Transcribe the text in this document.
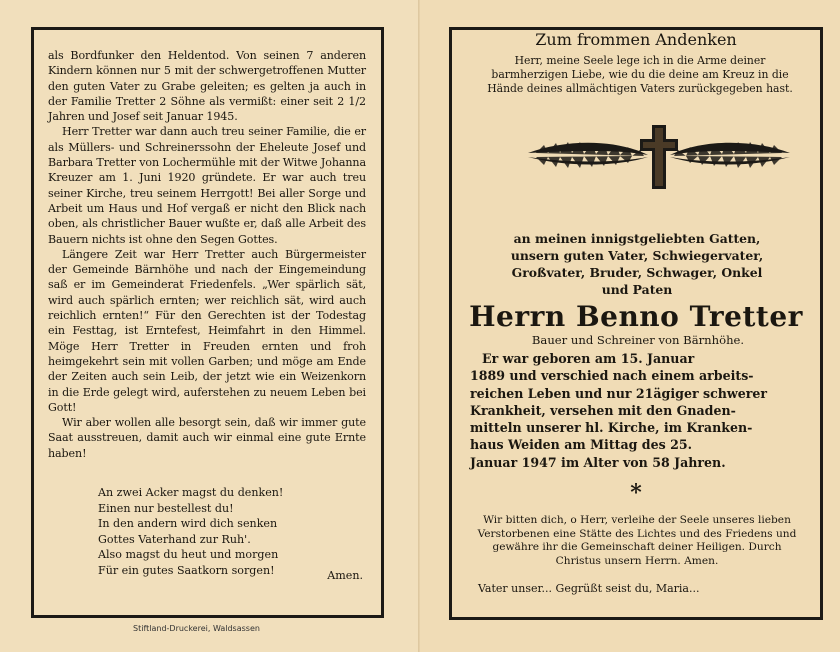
als Bordfunker den Heldentod. Von seinen 7 anderen Kindern können nur 5 mit der schwergetroffenen Mutter den guten Vater zu Grabe geleiten; es gelten ja auch in der Familie Tretter 2 Söhne als vermißt: einer seit 2 1/2 Jahren und Josef seit Januar 1945.

Herr Tretter war dann auch treu seiner Familie, die er als Müllers- und Schreinerssohn der Eheleute Josef und Barbara Tretter von Lochermühle mit der Witwe Johanna Kreuzer am 1. Juni 1920 gründete. Er war auch treu seiner Kirche, treu seinem Herrgott! Bei aller Sorge und Arbeit um Haus und Hof vergaß er nicht den Blick nach oben, als christlicher Bauer wußte er, daß alle Arbeit des Bauern nichts ist ohne den Segen Gottes.

Längere Zeit war Herr Tretter auch Bürgermeister der Gemeinde Bärnhöhe und nach der Eingemeindung saß er im Gemeinderat Friedenfels. „Wer spärlich sät, wird auch spärlich ernten; wer reichlich sät, wird auch reichlich ernten!“ Für den Gerechten ist der Todestag ein Festtag, ist Erntefest, Heimfahrt in den Himmel. Möge Herr Tretter in Freuden ernten und froh heimgekehrt sein mit vollen Garben; und möge am Ende der Zeiten auch sein Leib, der jetzt wie ein Weizenkorn in die Erde gelegt wird, auferstehen zu neuem Leben bei Gott!

Wir aber wollen alle besorgt sein, daß wir immer gute Saat ausstreuen, damit auch wir einmal eine gute Ernte haben!

An zwei Acker magst du denken!
Einen nur bestellest du!
In den andern wird dich senken
Gottes Vaterhand zur Ruh'.
Also magst du heut und morgen
Für ein gutes Saatkorn sorgen!	Amen.
Stiftland-Druckerei, Waldsassen
Herr, meine Seele lege ich in die Arme deiner barmherzigen Liebe, wie du die deine am Kreuz in die Hände deines allmächtigen Vaters zurückgegeben hast.
Zum frommen Andenken
an meinen innigstgeliebten Gatten,
unsern guten Vater, Schwiegervater,
Großvater, Bruder, Schwager, Onkel
und Paten
Herrn Benno Tretter
Bauer und Schreiner von Bärnhöhe.
Er war geboren am 15. Januar
1889 und verschied nach einem arbeits-
reichen Leben und nur 21ägiger schwerer
Krankheit, versehen mit den Gnaden-
mitteln unserer hl. Kirche, im Kranken-
haus Weiden am Mittag des 25.
Januar 1947 im Alter von 58 Jahren.
*
Wir bitten dich, o Herr, verleihe der Seele unseres lieben Verstorbenen eine Stätte des Lichtes und des Friedens und gewähre ihr die Gemeinschaft deiner Heiligen. Durch Christus unsern Herrn. Amen.
Vater unser... Gegrüßt seist du, Maria...
